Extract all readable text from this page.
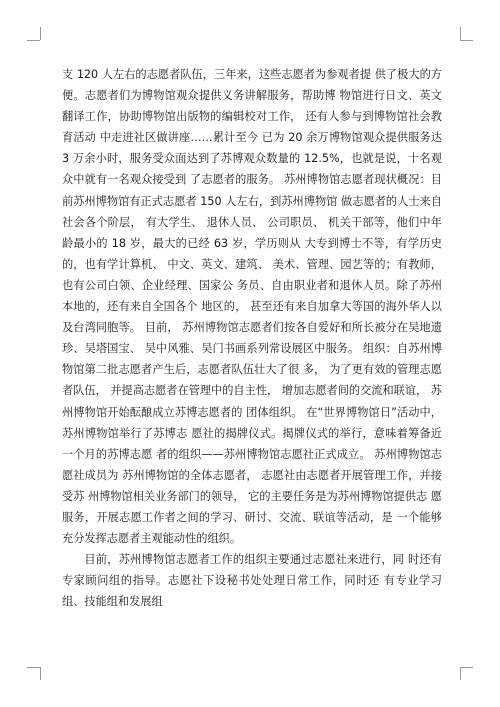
支 120 人左右的志愿者队伍，三年来，这些志愿者为参观者提 供了极大的方便。志愿者们为博物馆观众提供义务讲解服务，帮助博 物馆进行日文、英文翻译工作，协助博物馆出版物的编辑校对工作， 还有人参与到博物馆社会教育活动 中走进社区做讲座……累计至今 已为 20 余万博物馆观众提供服务达 3 万余小时，服务受众面达到了苏博观众数量的 12.5%，也就是说，十名观众中就有一名观众接受到 了志愿者的服务。 苏州博物馆志愿者现状概况：目前苏州博物馆有正式志愿者 150 人左右，到苏州博物馆 做志愿者的人士来自社会各个阶层， 有大学生、 退休人员、 公司职员、 机关干部等，他们中年龄最小的 18 岁，最大的已经 63 岁，学历则从 大专到博士不等，有学历史的，也有学计算机、 中文、英文、建筑、 美术、管理、园艺等的；有教师，也有公司白领、企业经理、国家公 务员、自由职业者和退休人员。除了苏州本地的，还有来自全国各个 地区的， 甚至还有来自加拿大等国的海外华人以及台湾同胞等。 目前， 苏州博物馆志愿者们按各自爱好和所长被分在吴地遗珍、吴塔国宝、 吴中风雅、吴门书画系列常设展区中服务。 组织：自苏州博物馆第二批志愿者产生后，志愿者队伍壮大了很 多， 为了更有效的管理志愿者队伍， 并提高志愿者在管理中的自主性， 增加志愿者间的交流和联谊， 苏州博物馆开始酝酿成立苏博志愿者的 团体组织。 在“世界博物馆日”活动中，苏州博物馆举行了苏博志 愿社的揭牌仪式。揭牌仪式的举行，意味着筹备近一个月的苏博志愿 者的组织——苏州博物馆志愿社正式成立。 苏州博物馆志愿社成员为 苏州博物馆的全体志愿者， 志愿社由志愿者开展管理工作，并接受苏 州博物馆相关业务部门的领导， 它的主要任务是为苏州博物馆提供志 愿服务，开展志愿工作者之间的学习、研讨、交流、联谊等活动，是 一个能够充分发挥志愿者主观能动性的组织。

目前，苏州博物馆志愿者工作的组织主要通过志愿社来进行，同 时还有专家顾问组的指导。志愿社下设秘书处处理日常工作，同时还 有专业学习组、技能组和发展组
